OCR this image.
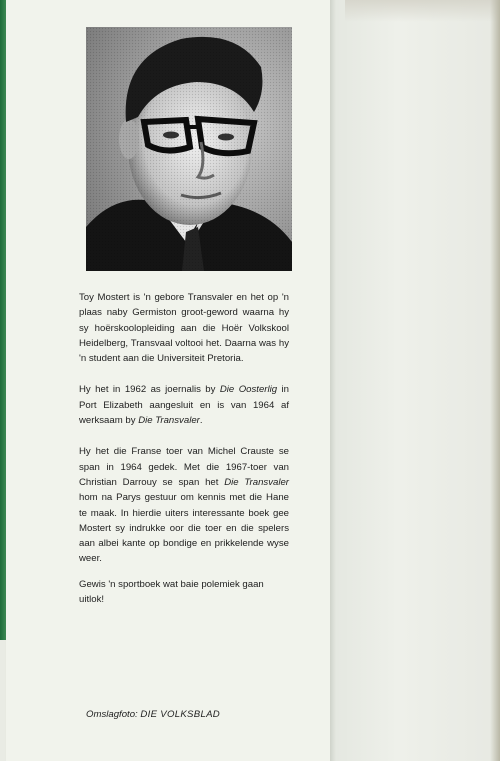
Toy Mostert is 'n gebore Transvaler en het op 'n plaas naby Germiston groot-geword waarna hy sy hoërskoolopleiding aan die Hoër Volkskool Heidelberg, Transvaal voltooi het. Daarna was hy 'n student aan die Universiteit Pretoria.

Hy het in 1962 as joernalis by Die Oosterlig in Port Elizabeth aangesluit en is van 1964 af werksaam by Die Transvaler.

Hy het die Franse toer van Michel Crauste se span in 1964 gedek. Met die 1967-toer van Christian Darrouy se span het Die Transvaler hom na Parys gestuur om kennis met die Hane te maak. In hierdie uiters interessante boek gee Mostert sy indrukke oor die toer en die spelers aan albei kante op bondige en prikkelende wyse weer.

Gewis 'n sportboek wat baie polemiek gaan uitlok!

Omslagfoto: DIE VOLKSBLAD
